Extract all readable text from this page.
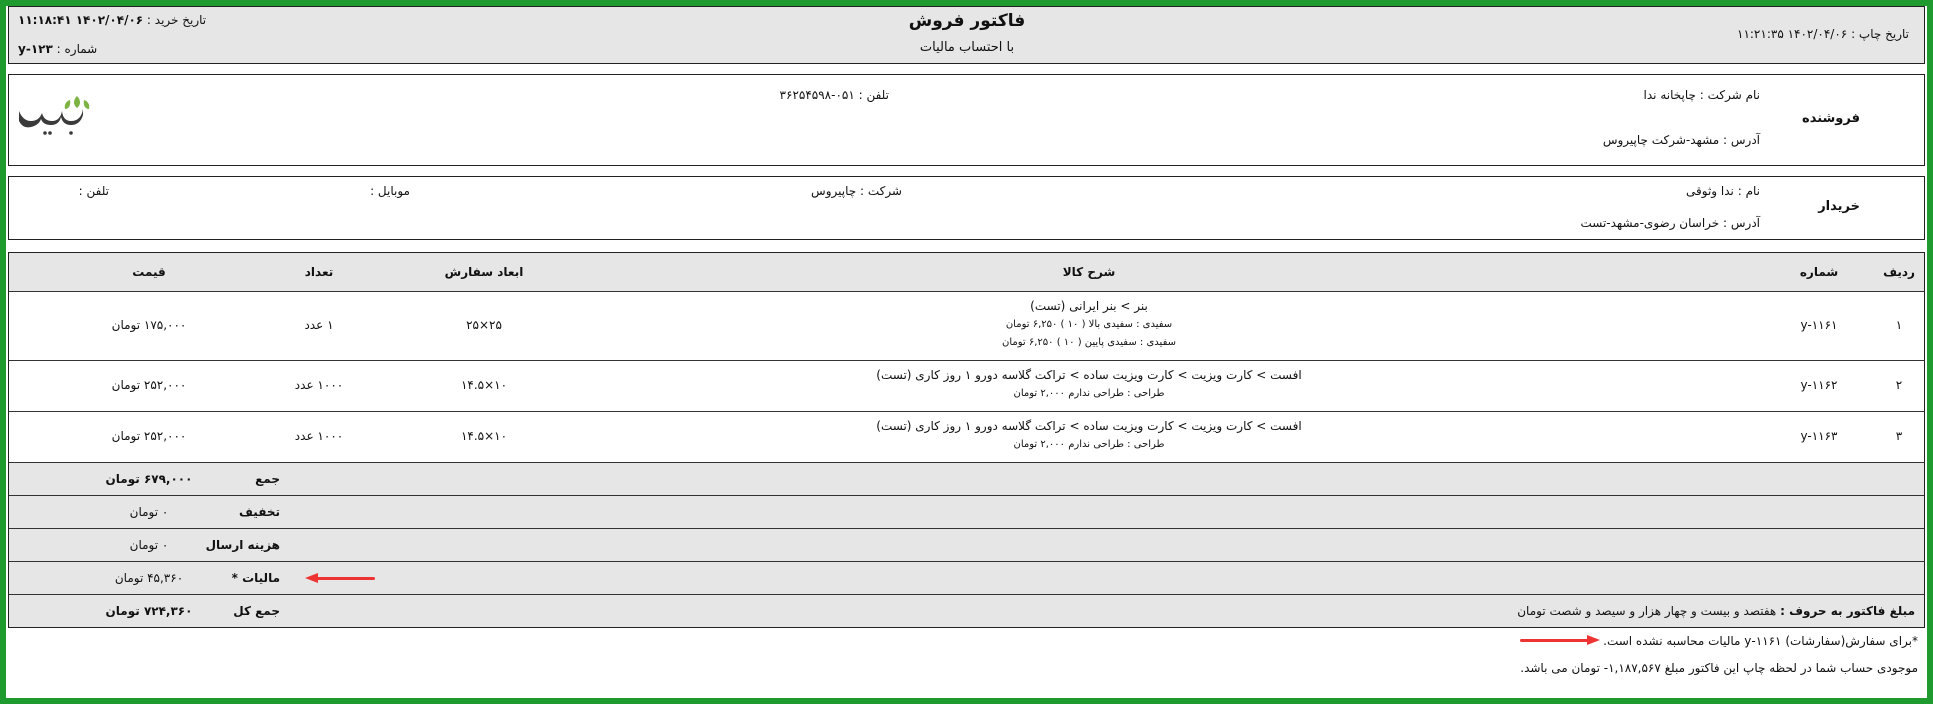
فاکتور فروش
با احتساب مالیات
تاریخ خرید : ۱۴۰۲/۰۴/۰۶ ۱۱:۱۸:۴۱
شماره : ۱۲۳-y
تاریخ چاپ : ۱۴۰۲/۰۴/۰۶ ۱۱:۲۱:۳۵
فروشنده
نام شرکت : چاپخانه ندا
آدرس : مشهد-شرکت چاپیروس
تلفن : ۰۵۱-۳۶۲۵۴۵۹۸
خریدار
نام : ندا وثوقی
آدرس : خراسان رضوی-مشهد-تست
شرکت : چاپیروس
موبایل :
تلفن :
ردیف
شماره
شرح کالا
ابعاد سفارش
تعداد
قیمت
۱
y-۱۱۶۱
بنر > بنر ایرانی (تست)
سفیدی : سفیدی بالا ( ۱۰ ) ۶,۲۵۰ تومان
سفیدی : سفیدی پایین ( ۱۰ ) ۶,۲۵۰ تومان
۲۵×۲۵
۱ عدد
۱۷۵,۰۰۰ تومان
۲
y-۱۱۶۲
افست > کارت ویزیت > کارت ویزیت ساده > تراکت گلاسه دورو ۱ روز کاری (تست)
طراحی : طراحی ندارم ۲,۰۰۰ تومان
۱۴.۵×۱۰
۱۰۰۰ عدد
۲۵۲,۰۰۰ تومان
۳
y-۱۱۶۳
افست > کارت ویزیت > کارت ویزیت ساده > تراکت گلاسه دورو ۱ روز کاری (تست)
طراحی : طراحی ندارم ۲,۰۰۰ تومان
۱۴.۵×۱۰
۱۰۰۰ عدد
۲۵۲,۰۰۰ تومان
جمع
۶۷۹,۰۰۰ تومان
تخفیف
۰ تومان
هزینه ارسال
۰ تومان
مالیات *
۴۵,۳۶۰ تومان
مبلغ فاکتور به حروف : هفتصد و بیست و چهار هزار و سیصد و شصت تومان
جمع کل
۷۲۴,۳۶۰ تومان
*برای سفارش(سفارشات) ۱۱۶۱-y مالیات محاسبه نشده است.
موجودی حساب شما در لحظه چاپ این فاکتور مبلغ ۱,۱۸۷,۵۶۷- تومان می باشد.
